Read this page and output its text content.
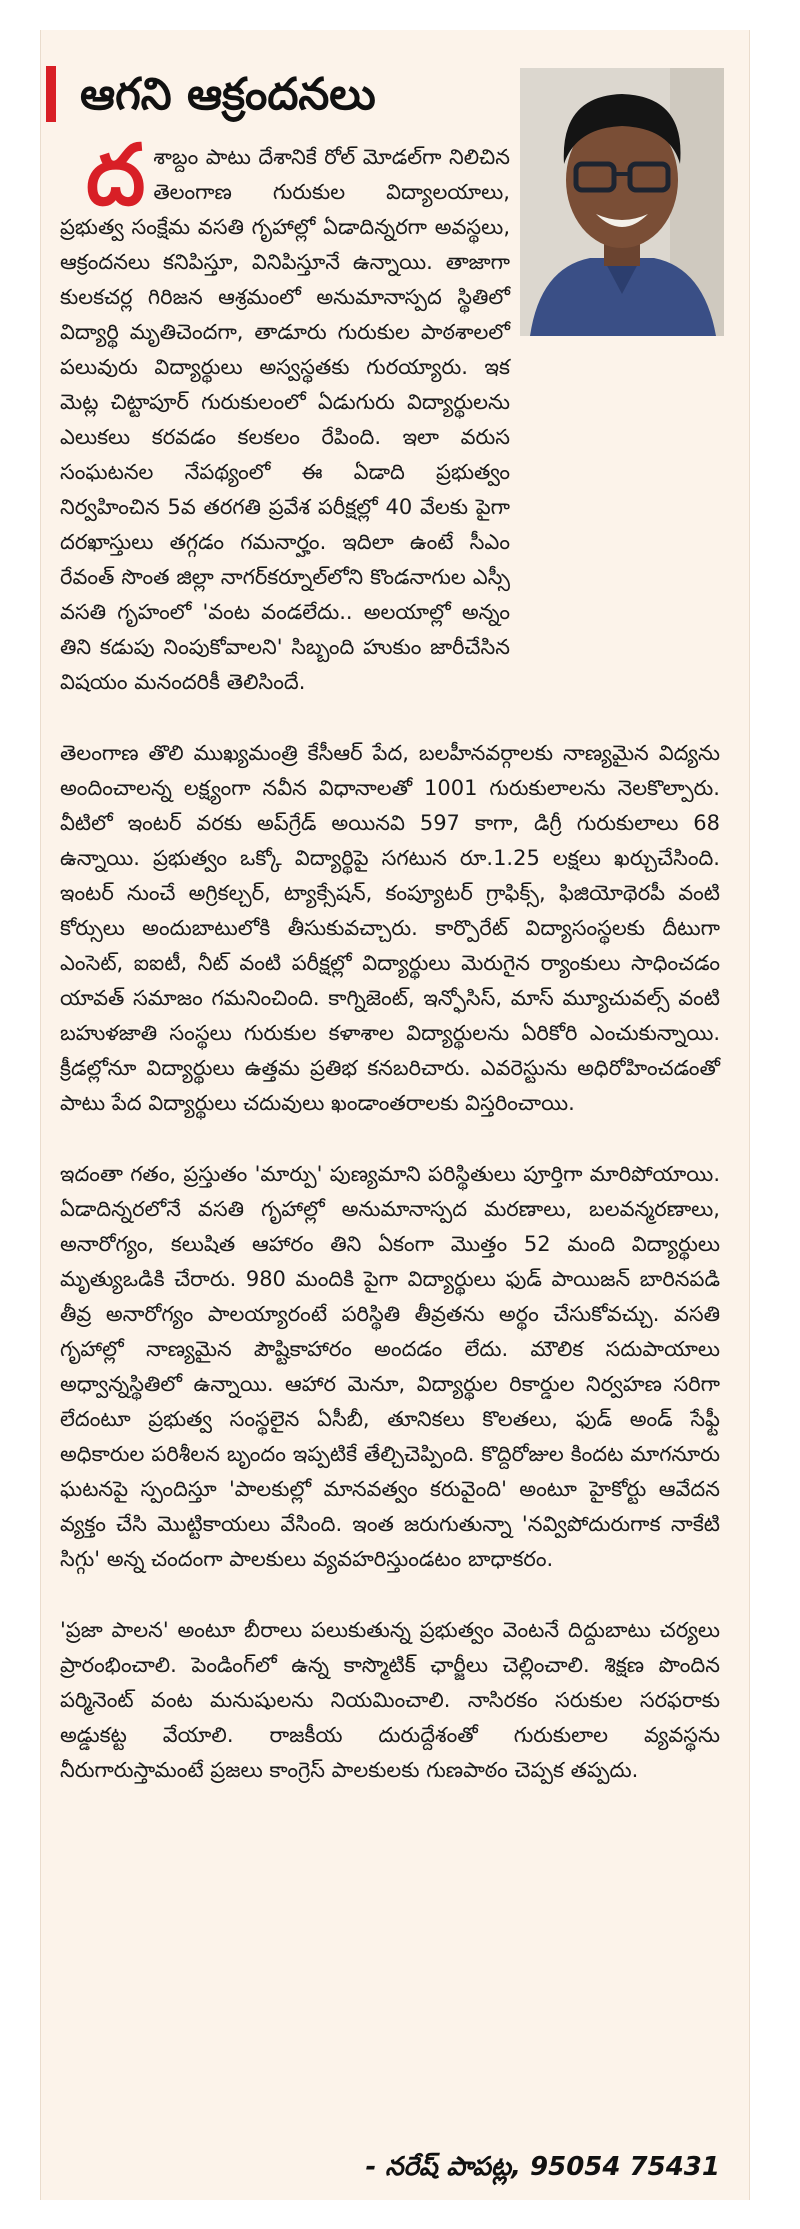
ఆగని ఆక్రందనలు

దశాబ్దం పాటు దేశానికే రోల్ మోడల్‌గా నిలిచిన తెలంగాణ గురుకుల విద్యాలయాలు, ప్రభుత్వ సంక్షేమ వసతి గృహాల్లో ఏడాదిన్నరగా అవస్థలు, ఆక్రందనలు కనిపిస్తూ, వినిపిస్తూనే ఉన్నాయి. తాజాగా కులకచర్ల గిరిజన ఆశ్రమంలో అనుమానాస్పద స్థితిలో విద్యార్థి మృతిచెందగా, తాడూరు గురుకుల పాఠశాలలో పలువురు విద్యార్థులు అస్వస్థతకు గురయ్యారు. ఇక మెట్ల చిట్టాపూర్ గురుకులంలో ఏడుగురు విద్యార్థులను ఎలుకలు కరవడం కలకలం రేపింది. ఇలా వరుస సంఘటనల నేపథ్యంలో ఈ ఏడాది ప్రభుత్వం నిర్వహించిన 5వ తరగతి ప్రవేశ పరీక్షల్లో 40 వేలకు పైగా దరఖాస్తులు తగ్గడం గమనార్హం. ఇదిలా ఉంటే సీఎం రేవంత్ సొంత జిల్లా నాగర్‌కర్నూల్‌లోని కొండనాగుల ఎస్సీ వసతి గృహంలో 'వంట వండలేదు.. అలయాల్లో అన్నం తిని కడుపు నింపుకోవాలని' సిబ్బంది హుకుం జారీచేసిన విషయం మనందరికీ తెలిసిందే.

తెలంగాణ తొలి ముఖ్యమంత్రి కేసీఆర్ పేద, బలహీనవర్గాలకు నాణ్యమైన విద్యను అందించాలన్న లక్ష్యంగా నవీన విధానాలతో 1001 గురుకులాలను నెలకొల్పారు. వీటిలో ఇంటర్ వరకు అప్‌గ్రేడ్ అయినవి 597 కాగా, డిగ్రీ గురుకులాలు 68 ఉన్నాయి. ప్రభుత్వం ఒక్కో విద్యార్థిపై సగటున రూ.1.25 లక్షలు ఖర్చుచేసింది. ఇంటర్ నుంచే అగ్రికల్చర్, ట్యాక్సేషన్, కంప్యూటర్ గ్రాఫిక్స్, ఫిజియోథెరపీ వంటి కోర్సులు అందుబాటులోకి తీసుకువచ్చారు. కార్పొరేట్ విద్యాసంస్థలకు దీటుగా ఎంసెట్, ఐఐటీ, నీట్ వంటి పరీక్షల్లో విద్యార్థులు మెరుగైన ర్యాంకులు సాధించడం యావత్ సమాజం గమనించింది. కాగ్నిజెంట్, ఇన్ఫోసిస్, మాస్ మ్యూచువల్స్ వంటి బహుళజాతి సంస్థలు గురుకుల కళాశాల విద్యార్థులను ఏరికోరి ఎంచుకున్నాయి. క్రీడల్లోనూ విద్యార్థులు ఉత్తమ ప్రతిభ కనబరిచారు. ఎవరెస్టును అధిరోహించడంతో పాటు పేద విద్యార్థులు చదువులు ఖండాంతరాలకు విస్తరించాయి.

ఇదంతా గతం, ప్రస్తుతం 'మార్పు' పుణ్యమాని పరిస్థితులు పూర్తిగా మారిపోయాయి. ఏడాదిన్నరలోనే వసతి గృహాల్లో అనుమానాస్పద మరణాలు, బలవన్మరణాలు, అనారోగ్యం, కలుషిత ఆహారం తిని ఏకంగా మొత్తం 52 మంది విద్యార్థులు మృత్యుఒడికి చేరారు. 980 మందికి పైగా విద్యార్థులు ఫుడ్ పాయిజన్ బారినపడి తీవ్ర అనారోగ్యం పాలయ్యారంటే పరిస్థితి తీవ్రతను అర్థం చేసుకోవచ్చు. వసతి గృహాల్లో నాణ్యమైన పౌష్టికాహారం అందడం లేదు. మౌలిక సదుపాయాలు అధ్వాన్నస్థితిలో ఉన్నాయి. ఆహార మెనూ, విద్యార్థుల రికార్డుల నిర్వహణ సరిగా లేదంటూ ప్రభుత్వ సంస్థలైన ఏసీబీ, తూనికలు కొలతలు, ఫుడ్ అండ్ సేఫ్టీ అధికారుల పరిశీలన బృందం ఇప్పటికే తేల్చిచెప్పింది. కొద్దిరోజుల కిందట మాగనూరు ఘటనపై స్పందిస్తూ 'పాలకుల్లో మానవత్వం కరువైంది' అంటూ హైకోర్టు ఆవేదన వ్యక్తం చేసి మొట్టికాయలు వేసింది. ఇంత జరుగుతున్నా 'నవ్విపోదురుగాక నాకేటి సిగ్గు' అన్న చందంగా పాలకులు వ్యవహరిస్తుండటం బాధాకరం.

'ప్రజా పాలన' అంటూ బీరాలు పలుకుతున్న ప్రభుత్వం వెంటనే దిద్దుబాటు చర్యలు ప్రారంభించాలి. పెండింగ్‌లో ఉన్న కాస్మొటిక్ ఛార్జీలు చెల్లించాలి. శిక్షణ పొందిన పర్మినెంట్ వంట మనుషులను నియమించాలి. నాసిరకం సరుకుల సరఫరాకు అడ్డుకట్ట వేయాలి. రాజకీయ దురుద్దేశంతో గురుకులాల వ్యవస్థను నీరుగారుస్తామంటే ప్రజలు కాంగ్రెస్ పాలకులకు గుణపాఠం చెప్పక తప్పదు.

- నరేష్ పాపట్ల, 95054 75431
